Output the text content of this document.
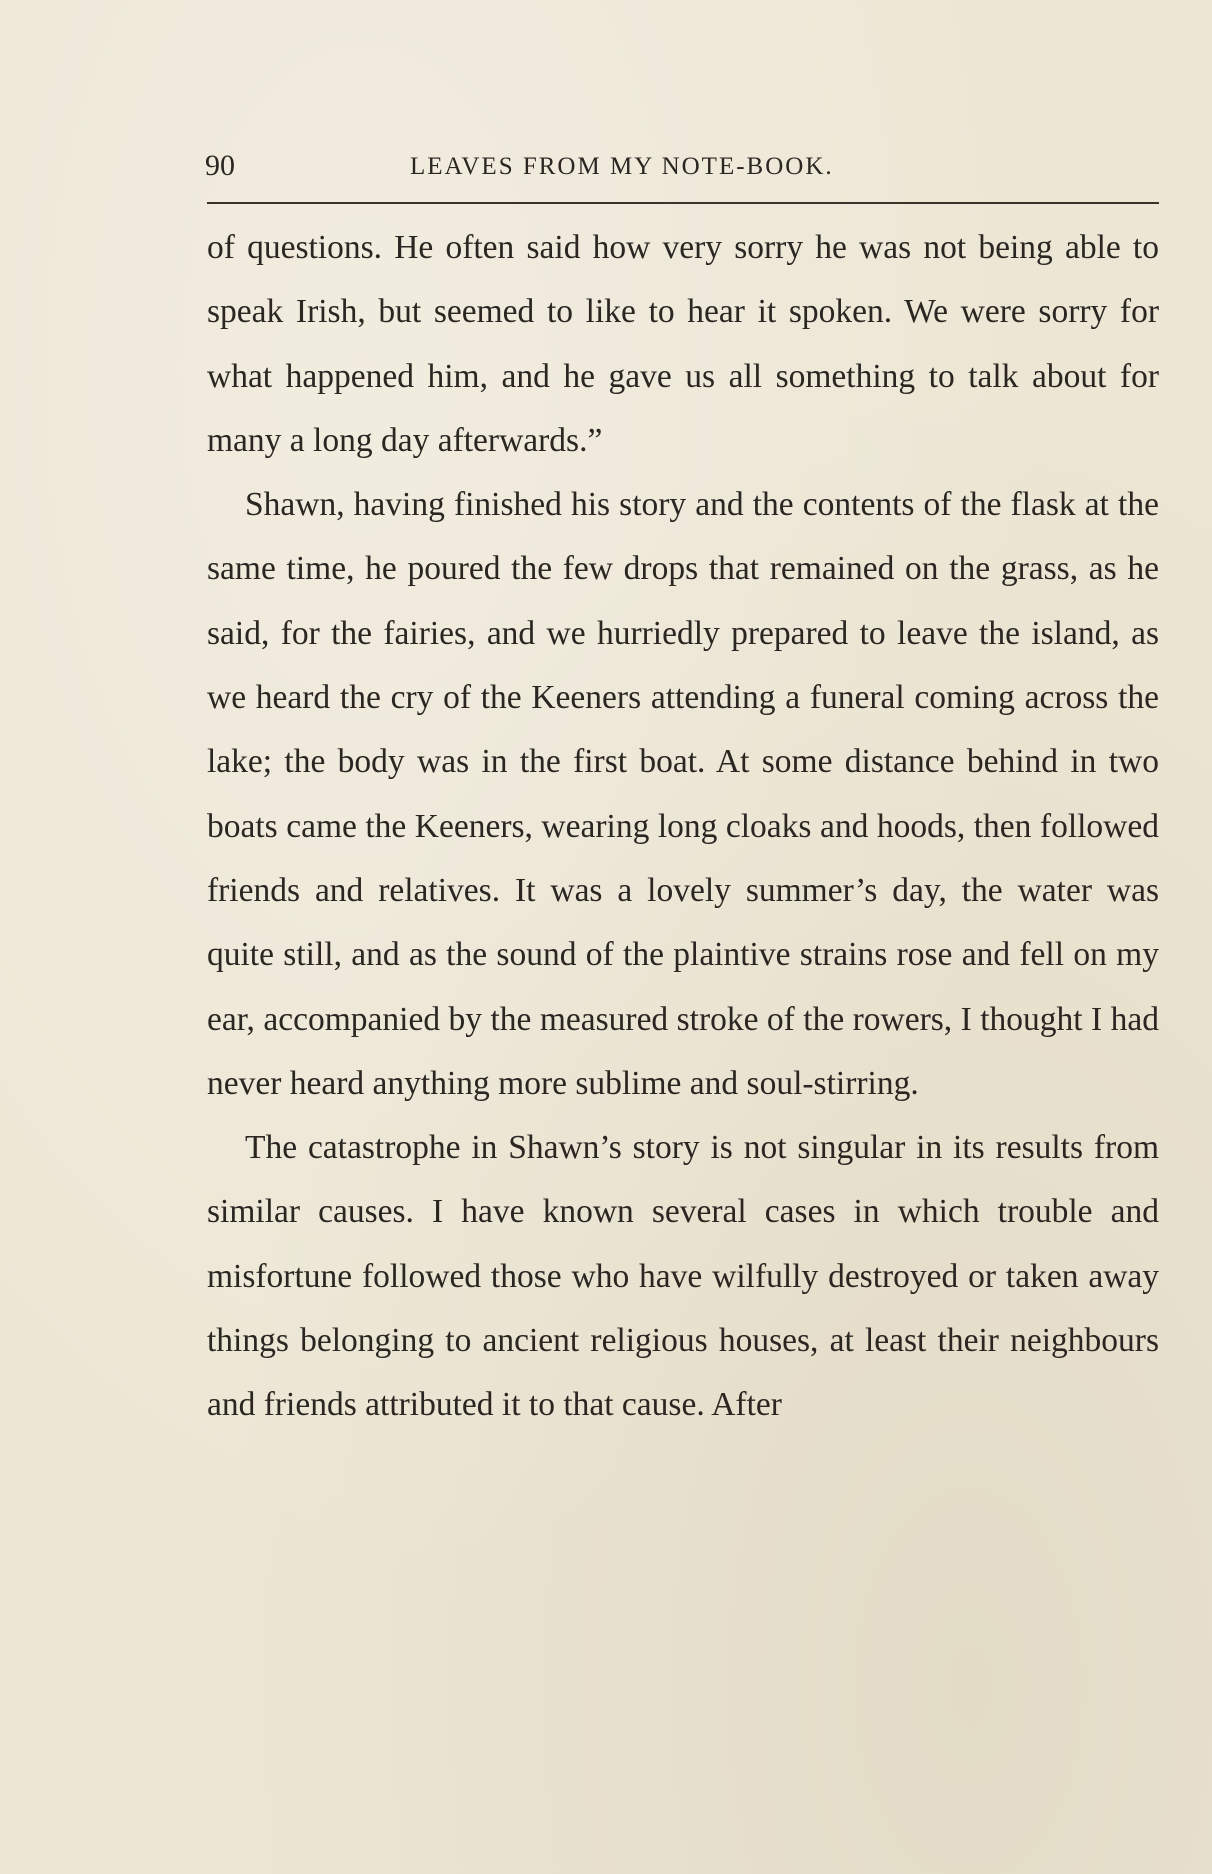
90	LEAVES FROM MY NOTE-BOOK.

of questions. He often said how very sorry he was not being able to speak Irish, but seemed to like to hear it spoken. We were sorry for what happened him, and he gave us all something to talk about for many a long day afterwards.”

Shawn, having finished his story and the contents of the flask at the same time, he poured the few drops that remained on the grass, as he said, for the fairies, and we hurriedly prepared to leave the island, as we heard the cry of the Keeners attending a funeral coming across the lake; the body was in the first boat. At some distance behind in two boats came the Keeners, wearing long cloaks and hoods, then followed friends and relatives. It was a lovely summer’s day, the water was quite still, and as the sound of the plaintive strains rose and fell on my ear, accompanied by the measured stroke of the rowers, I thought I had never heard anything more sublime and soul-stirring.

The catastrophe in Shawn’s story is not singular in its results from similar causes. I have known several cases in which trouble and misfortune followed those who have wilfully destroyed or taken away things belonging to ancient religious houses, at least their neighbours and friends attributed it to that cause. After
